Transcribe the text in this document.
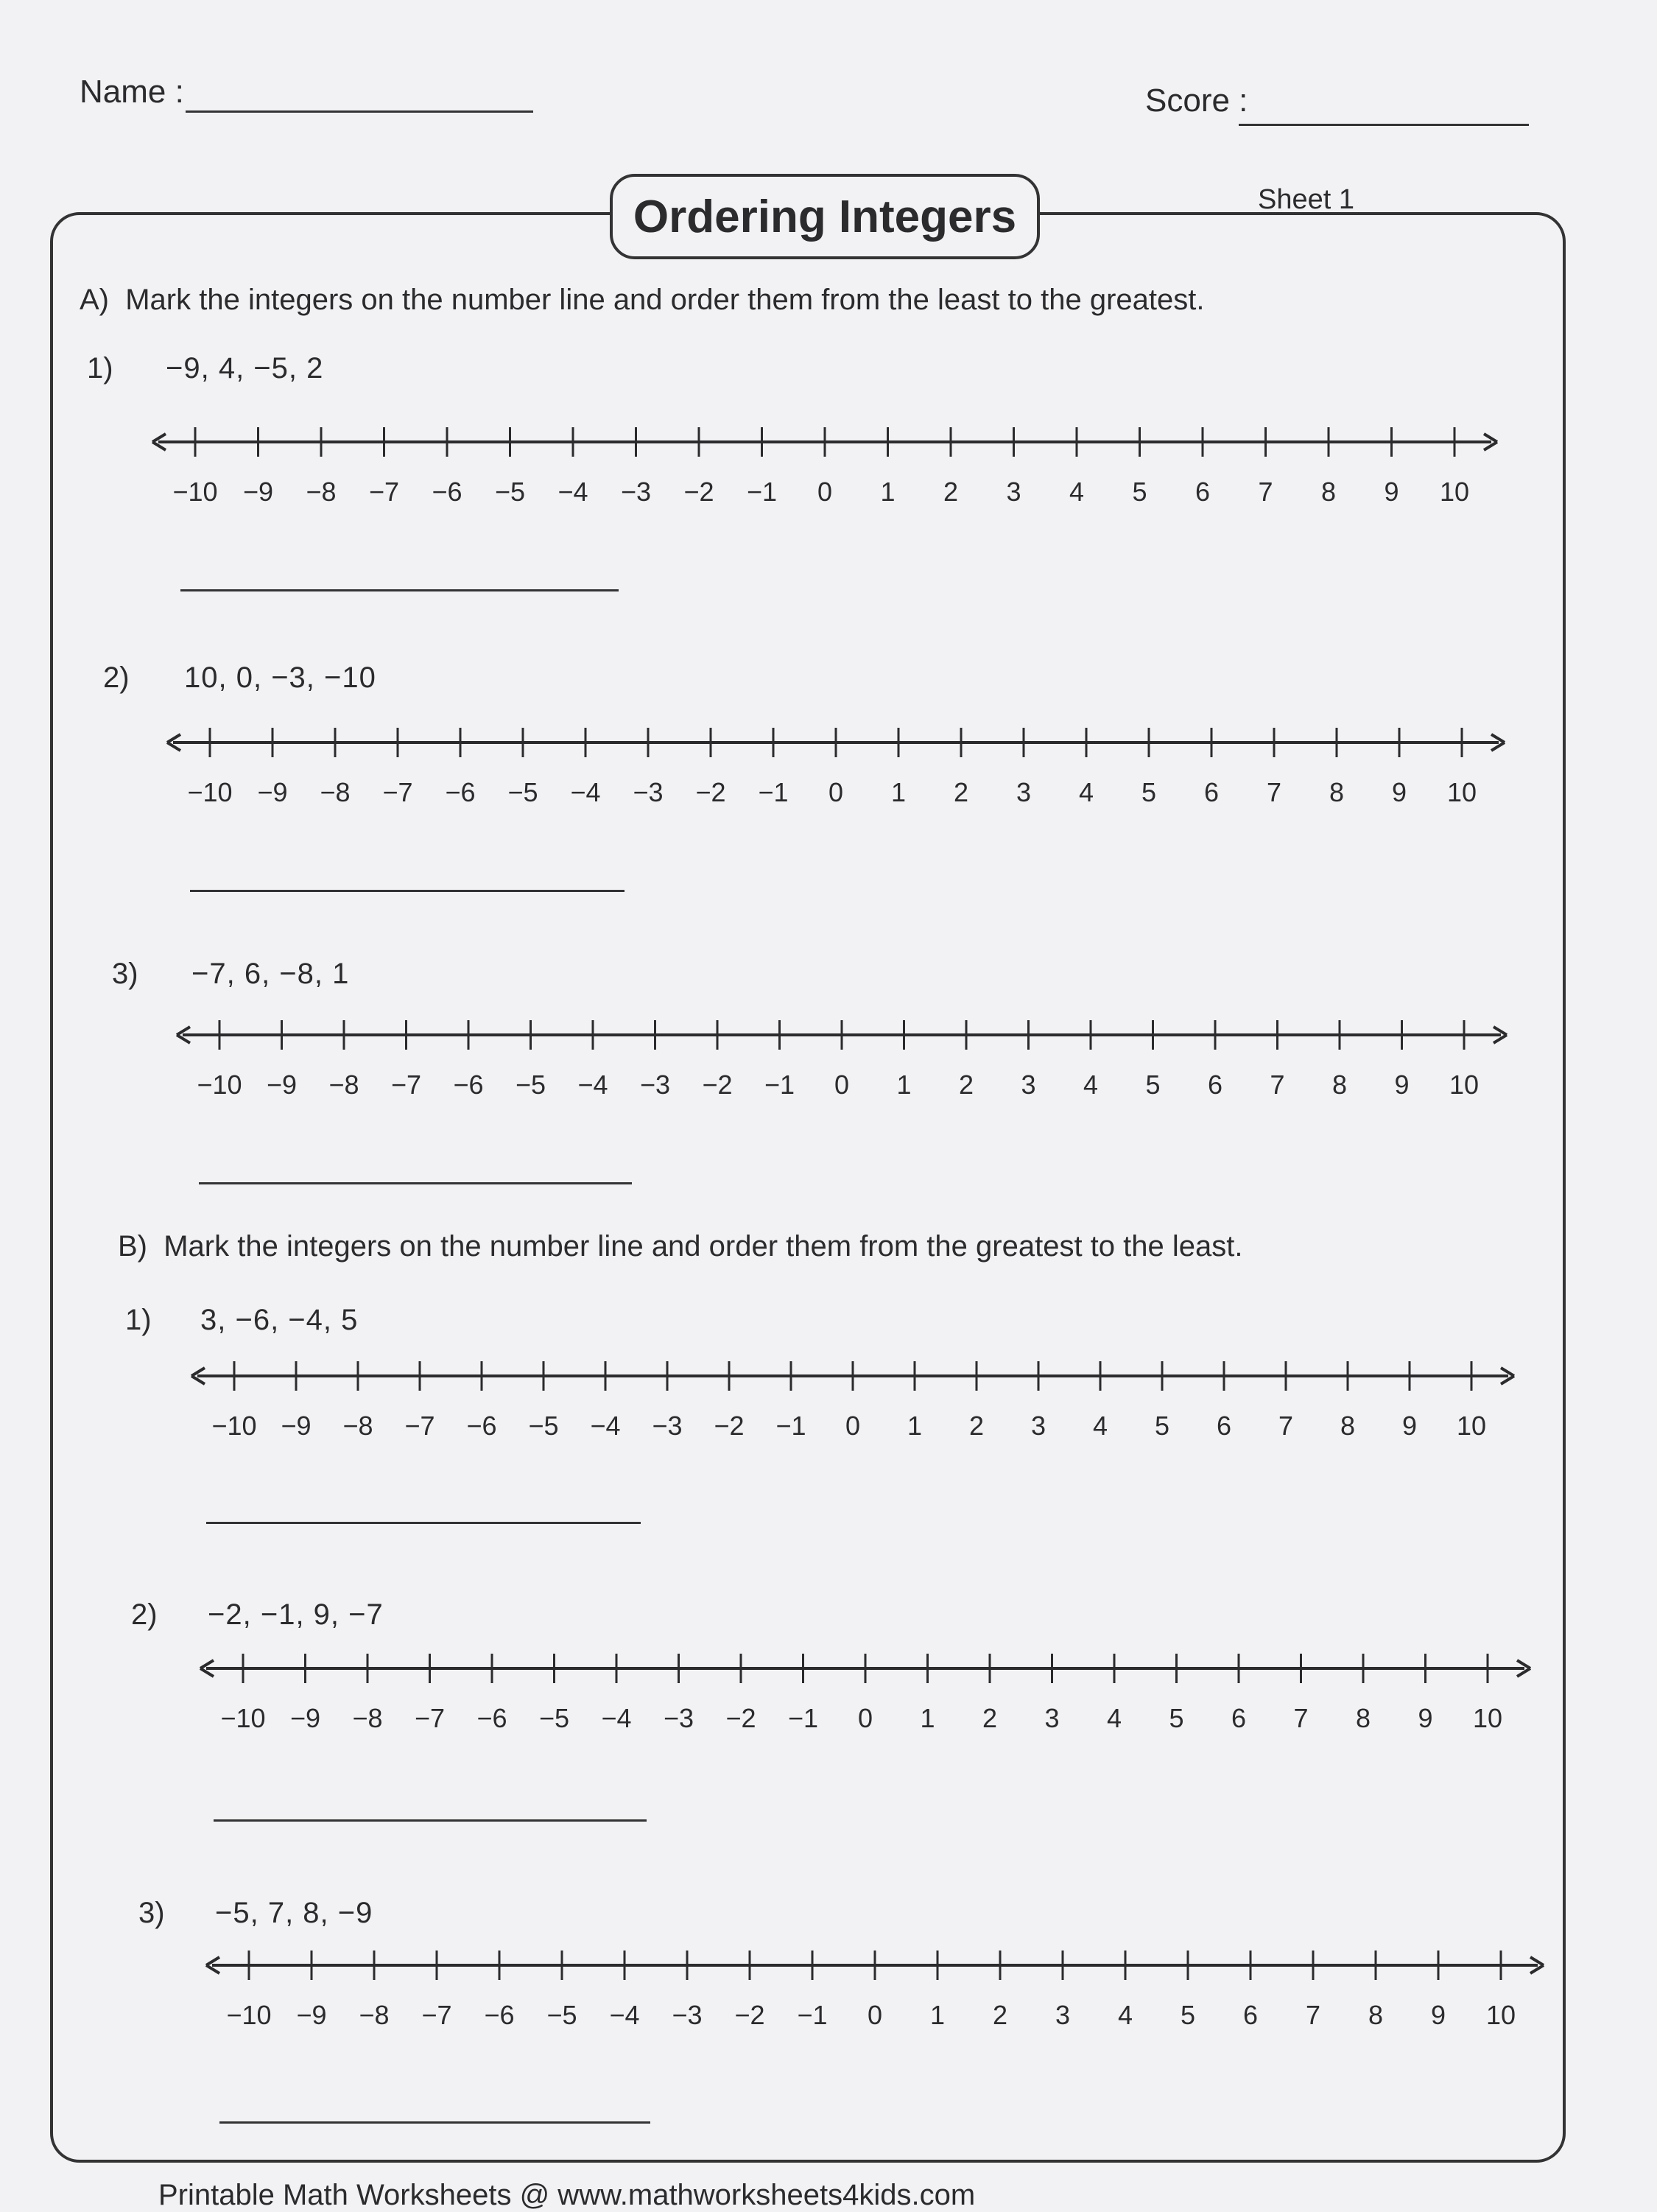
Name :	Score :
Ordering Integers	Sheet 1
A) Mark the integers on the number line and order them from the least to the greatest.
1) −9, 4, −5, 2
−10 −9 −8 −7 −6 −5 −4 −3 −2 −1 0 1 2 3 4 5 6 7 8 9 10
2) 10, 0, −3, −10
−10 −9 −8 −7 −6 −5 −4 −3 −2 −1 0 1 2 3 4 5 6 7 8 9 10
3) −7, 6, −8, 1
−10 −9 −8 −7 −6 −5 −4 −3 −2 −1 0 1 2 3 4 5 6 7 8 9 10
B) Mark the integers on the number line and order them from the greatest to the least.
1) 3, −6, −4, 5
−10 −9 −8 −7 −6 −5 −4 −3 −2 −1 0 1 2 3 4 5 6 7 8 9 10
2) −2, −1, 9, −7
−10 −9 −8 −7 −6 −5 −4 −3 −2 −1 0 1 2 3 4 5 6 7 8 9 10
3) −5, 7, 8, −9
−10 −9 −8 −7 −6 −5 −4 −3 −2 −1 0 1 2 3 4 5 6 7 8 9 10
Printable Math Worksheets @ www.mathworksheets4kids.com
